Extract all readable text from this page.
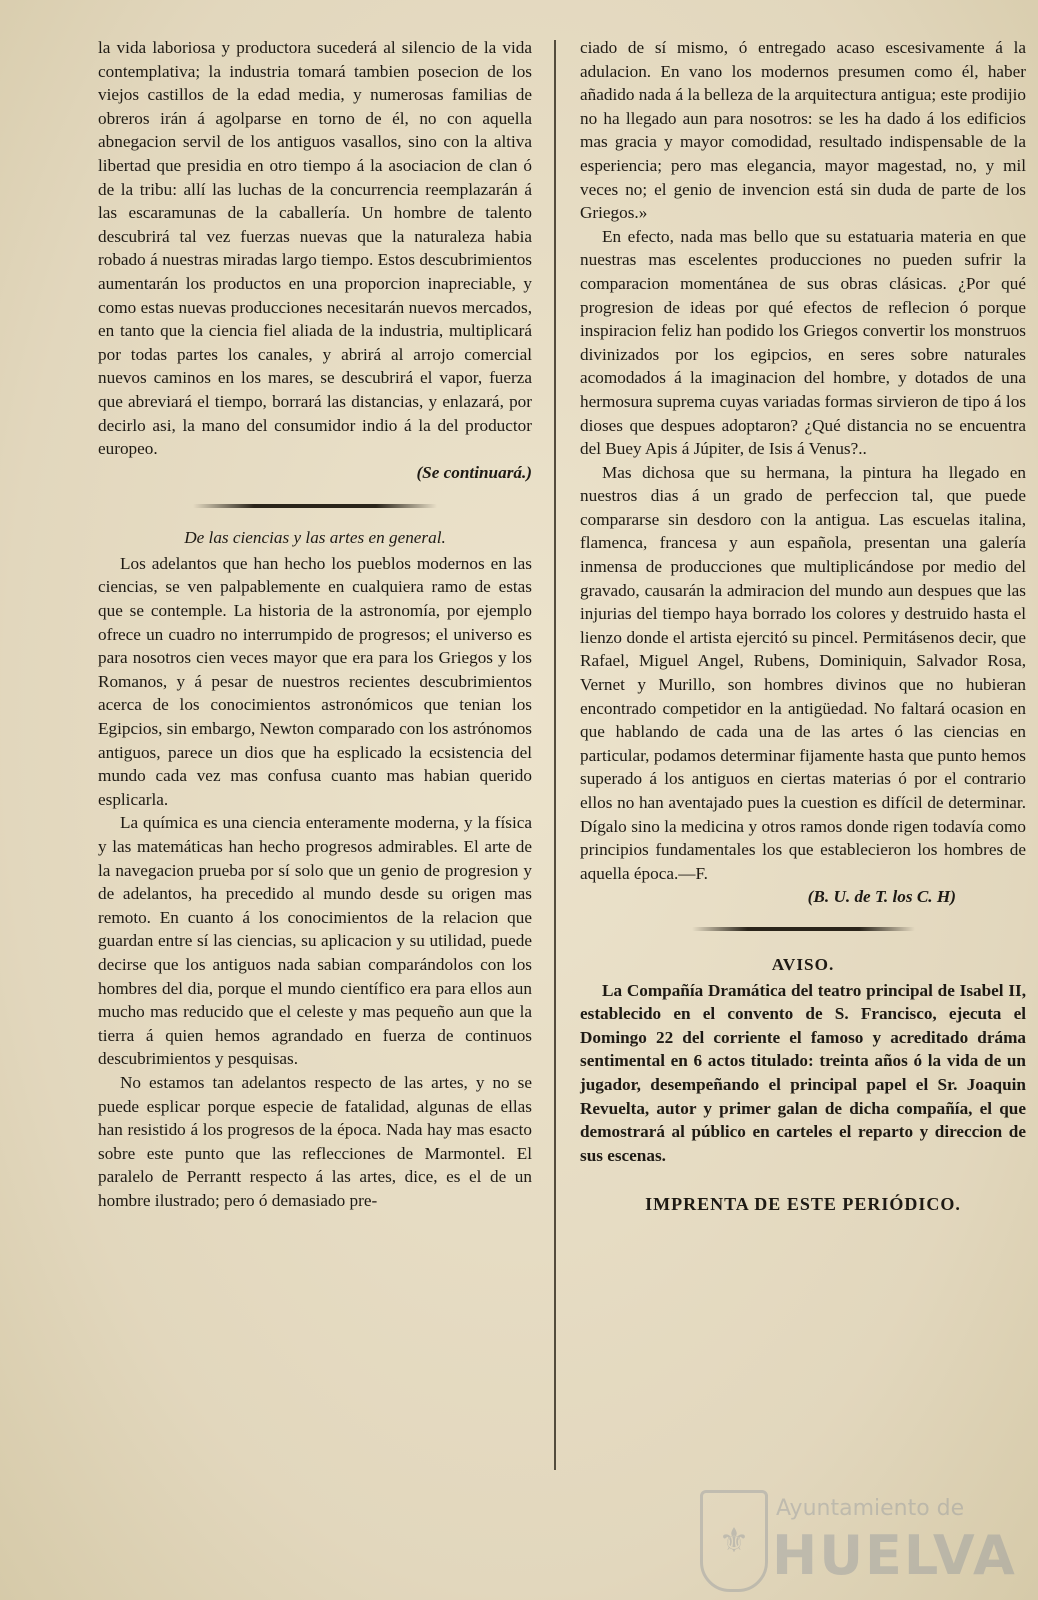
la vida laboriosa y productora sucederá al silencio de la vida contemplativa; la industria tomará tambien posecion de los viejos castillos de la edad media, y numerosas familias de obreros irán á agolparse en torno de él, no con aquella abnegacion servil de los antiguos vasallos, sino con la altiva libertad que presidia en otro tiempo á la asociacion de clan ó de la tribu: allí las luchas de la concurrencia reemplazarán á las escaramunas de la caballería. Un hombre de talento descubrirá tal vez fuerzas nuevas que la naturaleza habia robado á nuestras miradas largo tiempo. Estos descubrimientos aumentarán los productos en una proporcion inapreciable, y como estas nuevas producciones necesitarán nuevos mercados, en tanto que la ciencia fiel aliada de la industria, multiplicará por todas partes los canales, y abrirá al arrojo comercial nuevos caminos en los mares, se descubrirá el vapor, fuerza que abreviará el tiempo, borrará las distancias, y enlazará, por decirlo asi, la mano del consumidor indio á la del productor europeo.

(Se continuará.)

De las ciencias y las artes en general.

Los adelantos que han hecho los pueblos modernos en las ciencias, se ven palpablemente en cualquiera ramo de estas que se contemple. La historia de la astronomía, por ejemplo ofrece un cuadro no interrumpido de progresos; el universo es para nosotros cien veces mayor que era para los Griegos y los Romanos, y á pesar de nuestros recientes descubrimientos acerca de los conocimientos astronómicos que tenian los Egipcios, sin embargo, Newton comparado con los astrónomos antiguos, parece un dios que ha esplicado la ecsistencia del mundo cada vez mas confusa cuanto mas habian querido esplicarla.

La química es una ciencia enteramente moderna, y la física y las matemáticas han hecho progresos admirables. El arte de la navegacion prueba por sí solo que un genio de progresion y de adelantos, ha precedido al mundo desde su origen mas remoto. En cuanto á los conocimientos de la relacion que guardan entre sí las ciencias, su aplicacion y su utilidad, puede decirse que los antiguos nada sabian comparándolos con los hombres del dia, porque el mundo científico era para ellos aun mucho mas reducido que el celeste y mas pequeño aun que la tierra á quien hemos agrandado en fuerza de continuos descubrimientos y pesquisas.

No estamos tan adelantos respecto de las artes, y no se puede esplicar porque especie de fatalidad, algunas de ellas han resistido á los progresos de la época. Nada hay mas esacto sobre este punto que las reflecciones de Marmontel. El paralelo de Perrantt respecto á las artes, dice, es el de un hombre ilustrado; pero ó demasiado pre-

ciado de sí mismo, ó entregado acaso escesivamente á la adulacion. En vano los modernos presumen como él, haber añadido nada á la belleza de la arquitectura antigua; este prodijio no ha llegado aun para nosotros: se les ha dado á los edificios mas gracia y mayor comodidad, resultado indispensable de la esperiencia; pero mas elegancia, mayor magestad, no, y mil veces no; el genio de invencion está sin duda de parte de los Griegos.»

En efecto, nada mas bello que su estatuaria materia en que nuestras mas escelentes producciones no pueden sufrir la comparacion momentánea de sus obras clásicas. ¿Por qué progresion de ideas por qué efectos de reflecion ó porque inspiracion feliz han podido los Griegos convertir los monstruos divinizados por los egipcios, en seres sobre naturales acomodados á la imaginacion del hombre, y dotados de una hermosura suprema cuyas variadas formas sirvieron de tipo á los dioses que despues adoptaron? ¿Qué distancia no se encuentra del Buey Apis á Júpiter, de Isis á Venus?..

Mas dichosa que su hermana, la pintura ha llegado en nuestros dias á un grado de perfeccion tal, que puede compararse sin desdoro con la antigua. Las escuelas italina, flamenca, francesa y aun española, presentan una galería inmensa de producciones que multiplicándose por medio del gravado, causarán la admiracion del mundo aun despues que las injurias del tiempo haya borrado los colores y destruido hasta el lienzo donde el artista ejercitó su pincel. Permitásenos decir, que Rafael, Miguel Angel, Rubens, Dominiquin, Salvador Rosa, Vernet y Murillo, son hombres divinos que no hubieran encontrado competidor en la antigüedad. No faltará ocasion en que hablando de cada una de las artes ó las ciencias en particular, podamos determinar fijamente hasta que punto hemos superado á los antiguos en ciertas materias ó por el contrario ellos no han aventajado pues la cuestion es difícil de determinar. Dígalo sino la medicina y otros ramos donde rigen todavía como principios fundamentales los que establecieron los hombres de aquella época.—F.

(B. U. de T. los C. H)

AVISO.

La Compañía Dramática del teatro principal de Isabel II, establecido en el convento de S. Francisco, ejecuta el Domingo 22 del corriente el famoso y acreditado dráma sentimental en 6 actos titulado: treinta años ó la vida de un jugador, desempeñando el principal papel el Sr. Joaquin Revuelta, autor y primer galan de dicha compañía, el que demostrará al público en carteles el reparto y direccion de sus escenas.

IMPRENTA DE ESTE PERIÓDICO.

⚜
Ayuntamiento de
HUELVA
